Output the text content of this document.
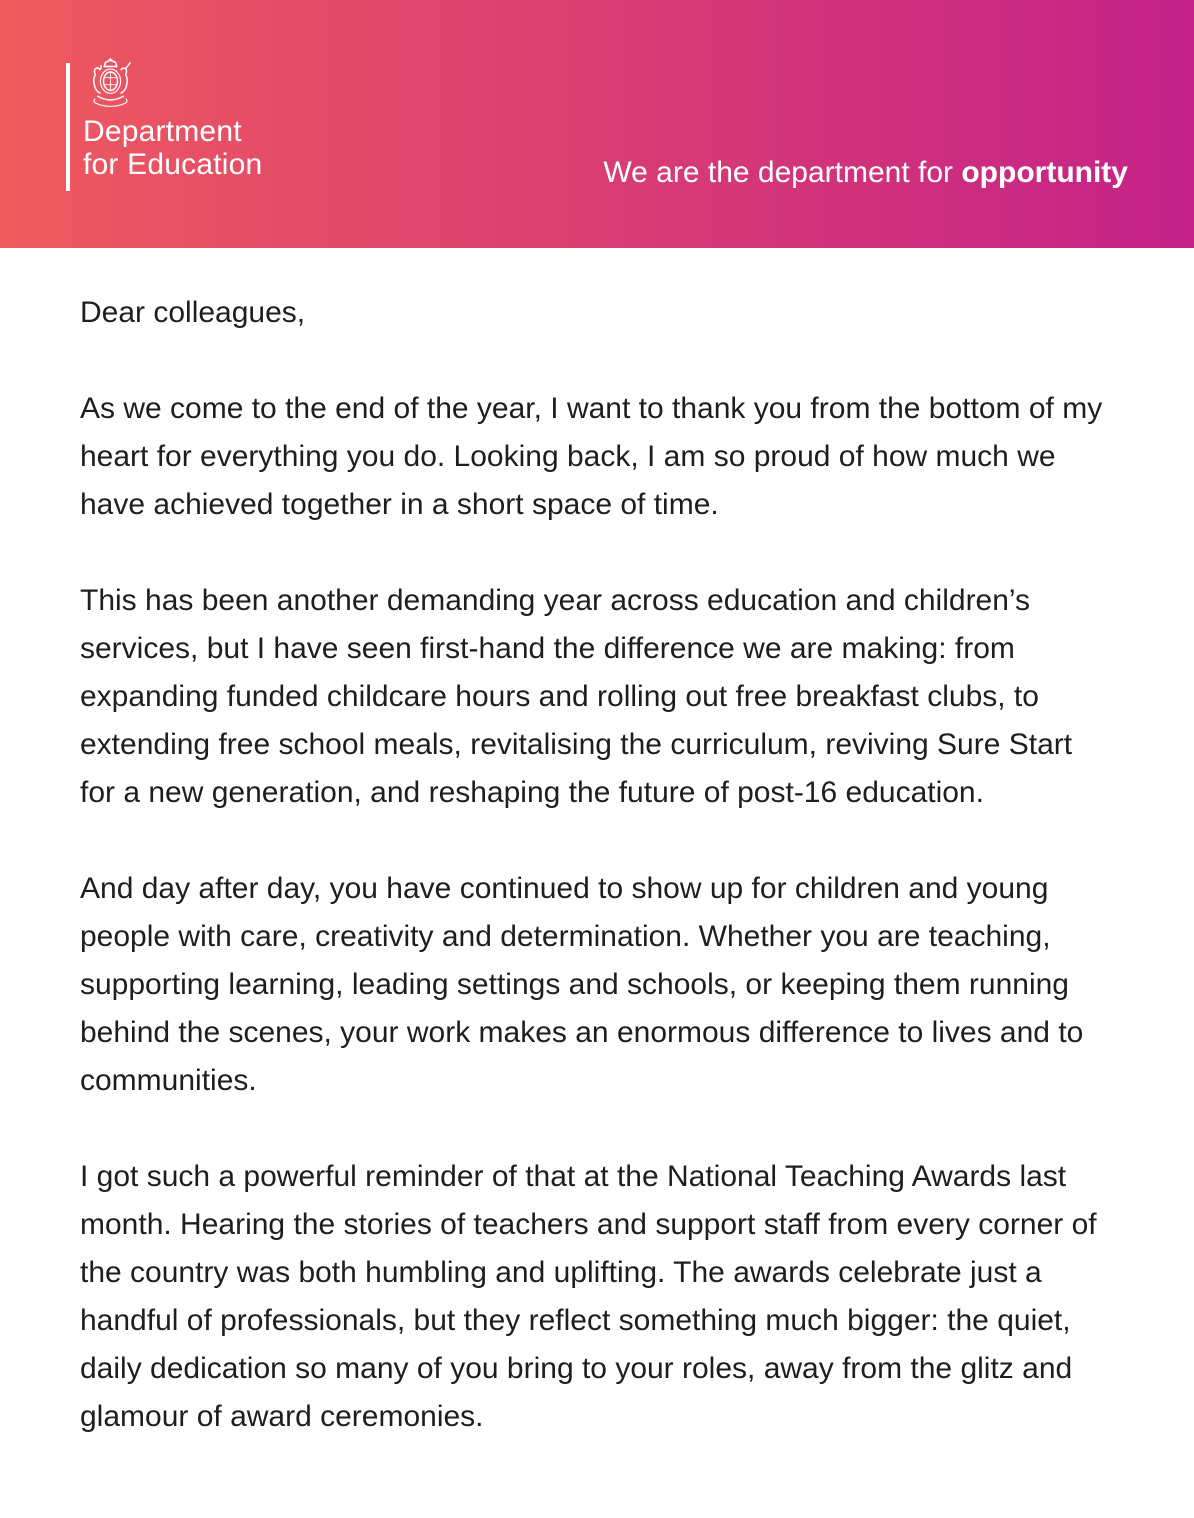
Department
for Education	We are the department for opportunity

Dear colleagues,

As we come to the end of the year, I want to thank you from the bottom of my heart for everything you do. Looking back, I am so proud of how much we have achieved together in a short space of time.

This has been another demanding year across education and children’s services, but I have seen first-hand the difference we are making: from expanding funded childcare hours and rolling out free breakfast clubs, to extending free school meals, revitalising the curriculum, reviving Sure Start for a new generation, and reshaping the future of post-16 education.

And day after day, you have continued to show up for children and young people with care, creativity and determination. Whether you are teaching, supporting learning, leading settings and schools, or keeping them running behind the scenes, your work makes an enormous difference to lives and to communities.

I got such a powerful reminder of that at the National Teaching Awards last month. Hearing the stories of teachers and support staff from every corner of the country was both humbling and uplifting. The awards celebrate just a handful of professionals, but they reflect something much bigger: the quiet, daily dedication so many of you bring to your roles, away from the glitz and glamour of award ceremonies.
